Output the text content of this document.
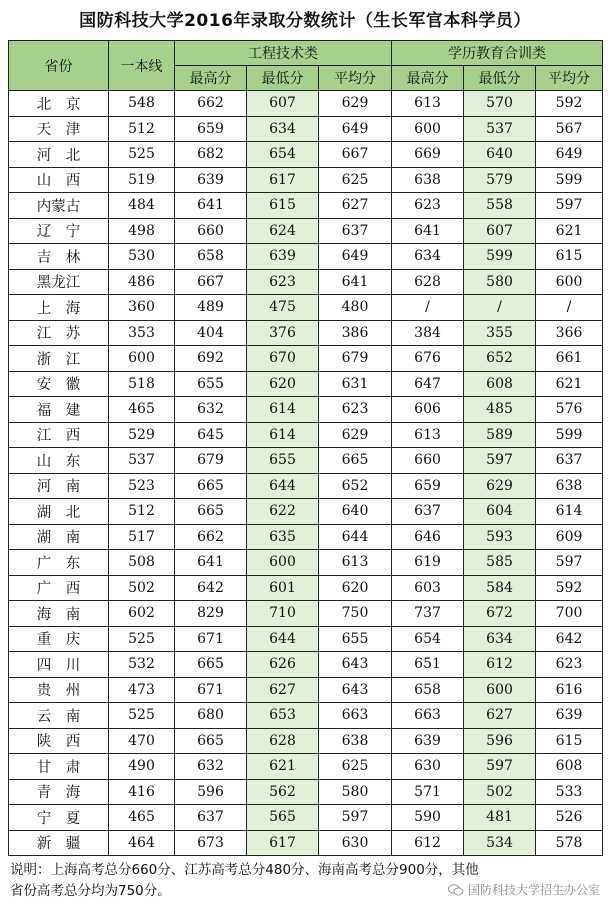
国防科技大学2016年录取分数统计（生长军官本科学员）
省份	一本线	工程技术类			学历教育合训类		
		最高分	最低分	平均分	最高分	最低分	平均分
北　京	548	662	607	629	613	570	592
天　津	512	659	634	649	600	537	567
河　北	525	682	654	667	669	640	649
山　西	519	639	617	625	638	579	599
内蒙古	484	641	615	627	623	558	597
辽　宁	498	660	624	637	641	607	621
吉　林	530	658	639	649	634	599	615
黑龙江	486	667	623	641	628	580	600
上　海	360	489	475	480	/	/	/
江　苏	353	404	376	386	384	355	366
浙　江	600	692	670	679	676	652	661
安　徽	518	655	620	631	647	608	621
福　建	465	632	614	623	606	485	576
江　西	529	645	614	629	613	589	599
山　东	537	679	655	665	660	597	637
河　南	523	665	644	652	659	629	638
湖　北	512	665	622	640	637	604	614
湖　南	517	662	635	644	646	593	609
广　东	508	641	600	613	619	585	597
广　西	502	642	601	620	603	584	592
海　南	602	829	710	750	737	672	700
重　庆	525	671	644	655	654	634	642
四　川	532	665	626	643	651	612	623
贵　州	473	671	627	643	658	600	616
云　南	525	680	653	663	663	627	639
陕　西	470	665	628	638	639	596	615
甘　肃	490	632	621	625	630	597	608
青　海	416	596	562	580	571	502	533
宁　夏	465	637	565	597	590	481	526
新　疆	464	673	617	630	612	534	578
说明：上海高考总分660分、江苏高考总分480分、海南高考总分900分，其他
省份高考总分均为750分。	国防科技大学招生办公室
